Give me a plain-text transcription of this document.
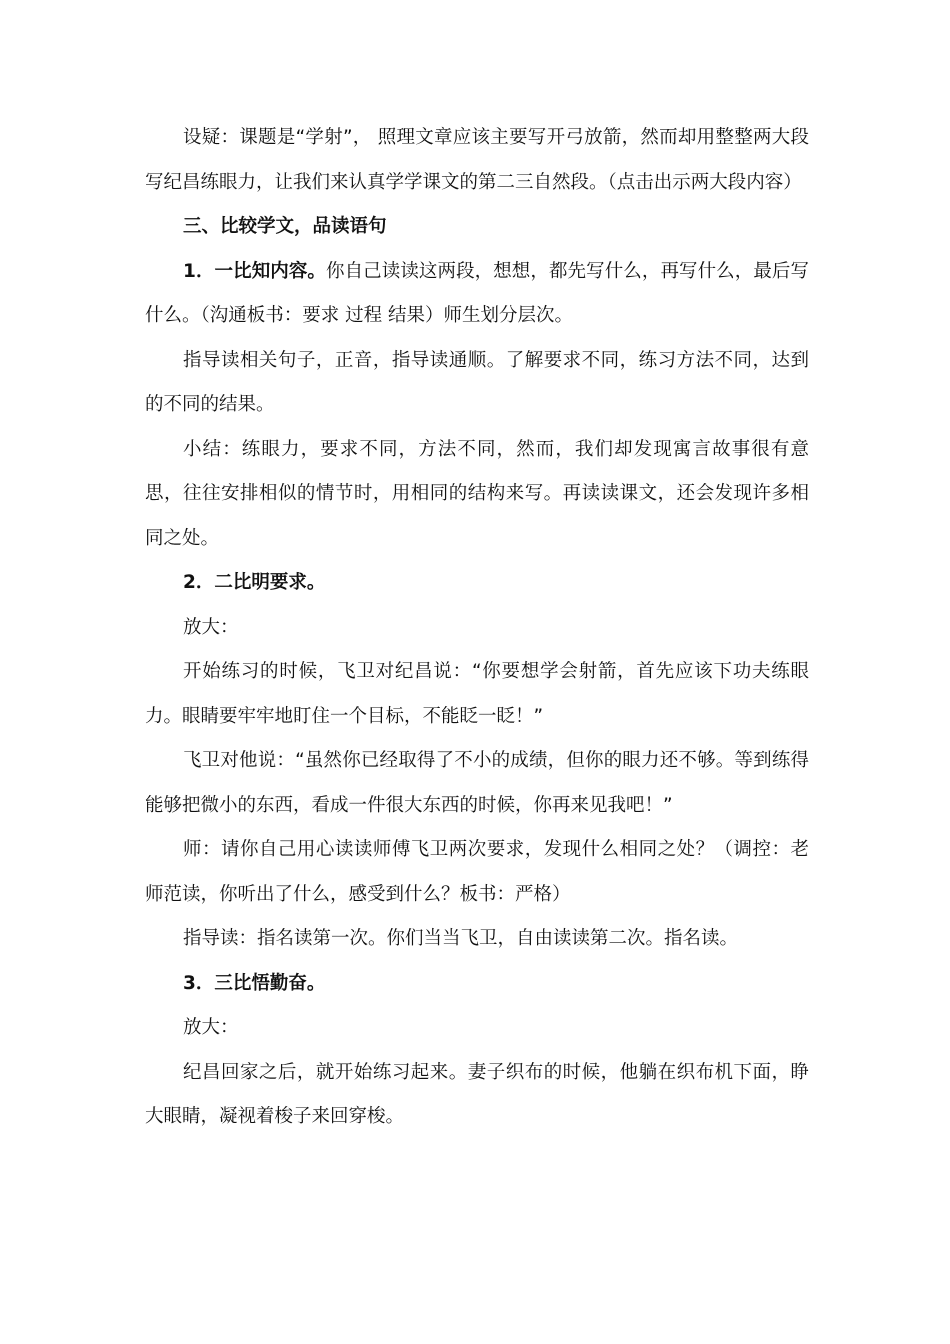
设疑：课题是“学射”， 照理文章应该主要写开弓放箭，然而却用整整两大段写纪昌练眼力，让我们来认真学学课文的第二三自然段。（点击出示两大段内容）

三、比较学文，品读语句

1．一比知内容。你自己读读这两段，想想，都先写什么，再写什么，最后写什么。（沟通板书：要求 过程 结果）师生划分层次。

指导读相关句子，正音，指导读通顺。了解要求不同，练习方法不同，达到的不同的结果。

小结：练眼力，要求不同，方法不同，然而，我们却发现寓言故事很有意思，往往安排相似的情节时，用相同的结构来写。再读读课文，还会发现许多相同之处。

2．二比明要求。

放大：

开始练习的时候，飞卫对纪昌说：“你要想学会射箭，首先应该下功夫练眼力。眼睛要牢牢地盯住一个目标，不能眨一眨！”

飞卫对他说：“虽然你已经取得了不小的成绩，但你的眼力还不够。等到练得能够把微小的东西，看成一件很大东西的时候，你再来见我吧！”

师：请你自己用心读读师傅飞卫两次要求，发现什么相同之处？（调控：老师范读，你听出了什么，感受到什么？板书：严格）

指导读：指名读第一次。你们当当飞卫，自由读读第二次。指名读。

3．三比悟勤奋。

放大：

纪昌回家之后，就开始练习起来。妻子织布的时候，他躺在织布机下面，睁大眼睛，凝视着梭子来回穿梭。
